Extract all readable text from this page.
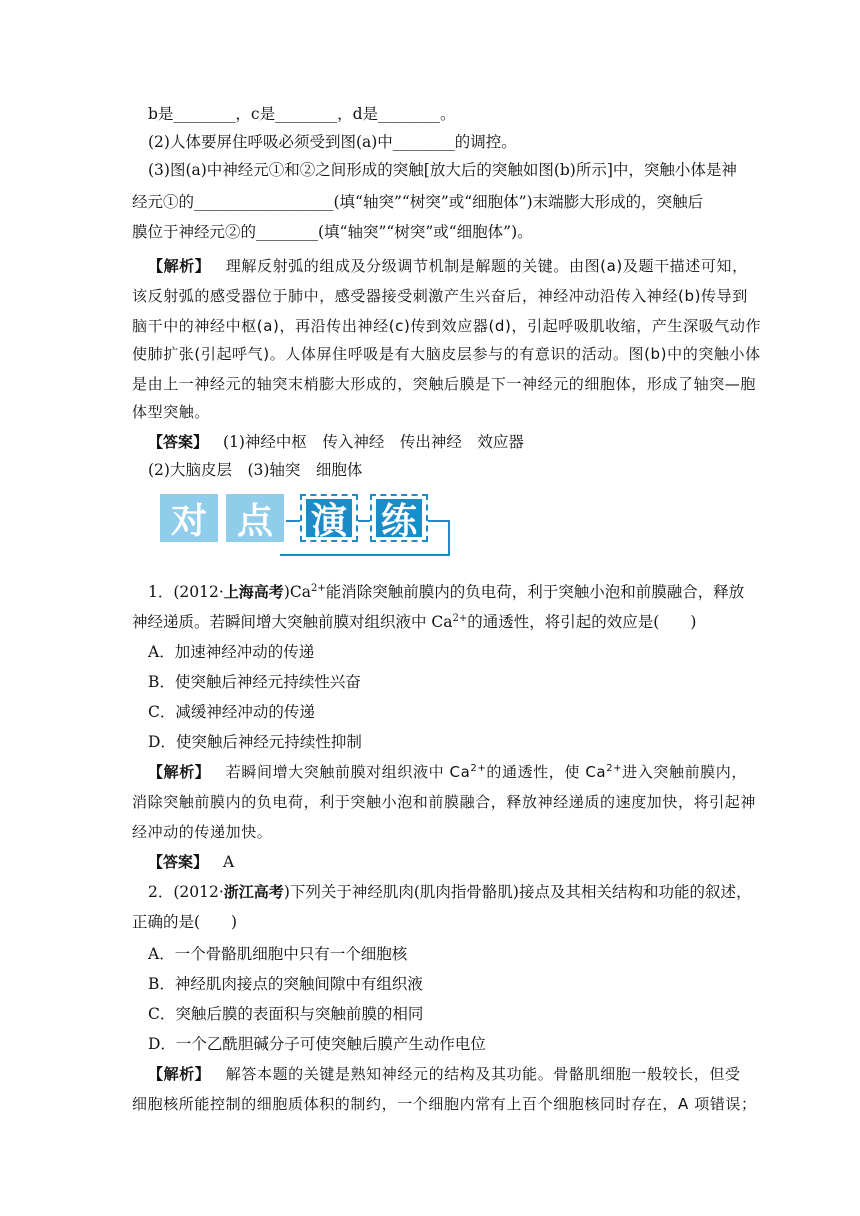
b是________，c是________，d是________。
(2)人体要屏住呼吸必须受到图(a)中________的调控。
(3)图(a)中神经元①和②之间形成的突触[放大后的突触如图(b)所示]中，突触小体是神
经元①的__________________(填“轴突”“树突”或“细胞体”)末端膨大形成的，突触后
膜位于神经元②的________(填“轴突”“树突”或“细胞体”)。
【解析】 理解反射弧的组成及分级调节机制是解题的关键。由图(a)及题干描述可知，
该反射弧的感受器位于肺中，感受器接受刺激产生兴奋后，神经冲动沿传入神经(b)传导到
脑干中的神经中枢(a)，再沿传出神经(c)传到效应器(d)，引起呼吸肌收缩，产生深吸气动作
使肺扩张(引起呼气)。人体屏住呼吸是有大脑皮层参与的有意识的活动。图(b)中的突触小体
是由上一神经元的轴突末梢膨大形成的，突触后膜是下一神经元的细胞体，形成了轴突—胞
体型突触。
【答案】 (1)神经中枢　传入神经　传出神经　效应器
(2)大脑皮层　(3)轴突　细胞体
对 点	演 练
1．(2012·上海高考)$Ca^{2+}$能消除突触前膜内的负电荷，利于突触小泡和前膜融合，释放
神经递质。若瞬间增大突触前膜对组织液中 $Ca^{2+}$的通透性，将引起的效应是(　　)
A．加速神经冲动的传递
B．使突触后神经元持续性兴奋
C．减缓神经冲动的传递
D．使突触后神经元持续性抑制
【解析】 若瞬间增大突触前膜对组织液中 $Ca^{2+}$的通透性，使 $Ca^{2+}$进入突触前膜内，
消除突触前膜内的负电荷，利于突触小泡和前膜融合，释放神经递质的速度加快，将引起神
经冲动的传递加快。
【答案】 A
2．(2012·浙江高考)下列关于神经肌肉(肌肉指骨骼肌)接点及其相关结构和功能的叙述，
正确的是(　　)
A．一个骨骼肌细胞中只有一个细胞核
B．神经肌肉接点的突触间隙中有组织液
C．突触后膜的表面积与突触前膜的相同
D．一个乙酰胆碱分子可使突触后膜产生动作电位
【解析】 解答本题的关键是熟知神经元的结构及其功能。骨骼肌细胞一般较长，但受
细胞核所能控制的细胞质体积的制约，一个细胞内常有上百个细胞核同时存在，A 项错误；
